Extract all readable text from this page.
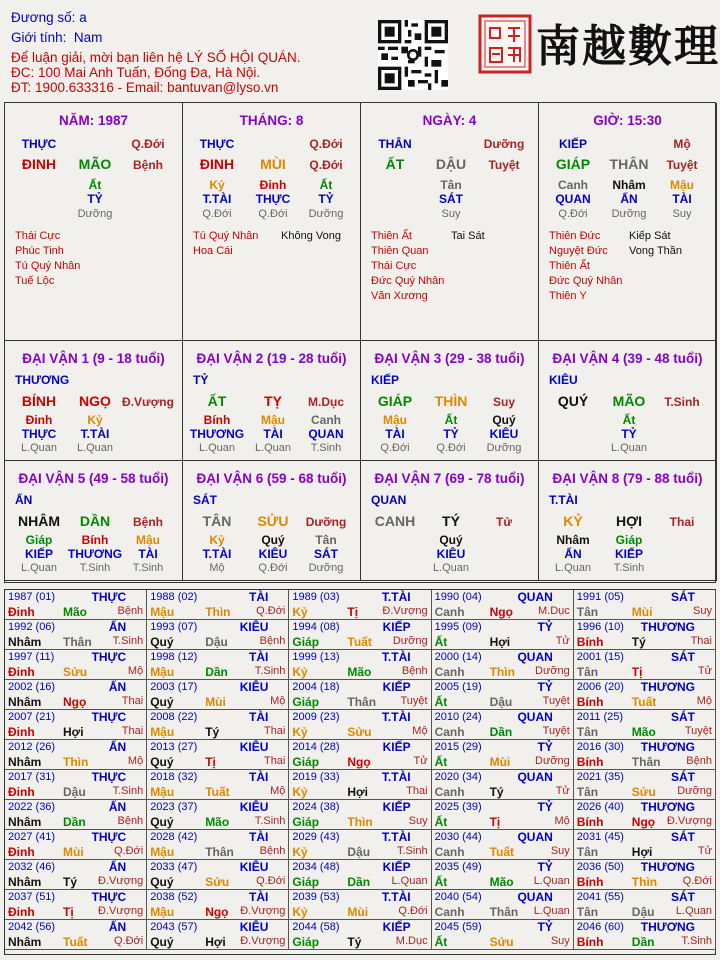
Đương số: a
Giới tính: Nam
Để luận giải, mời bạn liên hệ LÝ SỐ HỘI QUÁN.
ĐC: 100 Mai Anh Tuấn, Đống Đa, Hà Nội.
ĐT: 1900.633316 - Email: bantuvan@lyso.vn
南越數理
NĂM: 1987
THỰC	Q.Đới
ĐINH MÃO Bệnh
Ất
TỶ
Dưỡng
Thái Cực
Phúc Tinh
Tú Quý Nhân
Tuế Lộc
THÁNG: 8
THỰC	Q.Đới
ĐINH MÙI Q.Đới
Kỷ
T.TÀI
Q.Đới
Đinh
THỰC
Q.Đới
Ất
TỶ
Dưỡng
Tú Quý Nhân
Hoa Cái
Không Vong
NGÀY: 4
THÂN	Dưỡng
ẤT DẬU Tuyệt
Tân
SÁT
Suy
Thiên Ất
Thiên Quan
Thái Cực
Đức Quý Nhân
Văn Xương
Tai Sát
GIỜ: 15:30
KIẾP	Mộ
GIÁP THÂN Tuyệt
Canh
QUAN
Q.Đới
Nhâm
ẤN
Dưỡng
Mậu
TÀI
Suy
Thiên Đức
Nguyệt Đức
Thiên Ất
Đức Quý Nhân
Thiên Y
Kiếp Sát
Vong Thần
ĐẠI VẬN 1 (9 - 18 tuổi)
THƯƠNG
BÍNH NGỌ Đ.Vượng
Đinh
THỰC
L.Quan
Kỷ
T.TÀI
L.Quan
ĐẠI VẬN 2 (19 - 28 tuổi)
TỶ
ẤT	TỴ M.Dục
Bính
THƯƠNG
L.Quan
Mậu
TÀI
L.Quan
Canh
QUAN
T.Sinh
ĐẠI VẬN 3 (29 - 38 tuổi)
KIẾP
GIÁP THÌN Suy
Mậu
TÀI
Q.Đới
Ất
TỶ
Q.Đới
Quý
KIÊU
Dưỡng
ĐẠI VẬN 4 (39 - 48 tuổi)
KIÊU
QUÝ MÃO T.Sinh
Ất
TỶ
L.Quan
ĐẠI VẬN 5 (49 - 58 tuổi)
ẤN
NHÂM DẦN Bệnh
Giáp
KIẾP
L.Quan
Bính
THƯƠNG
T.Sinh
Mậu
TÀI
T.Sinh
ĐẠI VẬN 6 (59 - 68 tuổi)
SÁT
TÂN SỬU Dưỡng
Kỷ
T.TÀI
Mộ
Quý
KIÊU
Q.Đới
Tân
SÁT
Dưỡng
ĐẠI VẬN 7 (69 - 78 tuổi)
QUAN
CANH TÝ	Tử
Quý
KIÊU
L.Quan
ĐẠI VẬN 8 (79 - 88 tuổi)
T.TÀI
KỶ HỢI Thai
Nhâm
ẤN
L.Quan
Giáp
KIẾP
T.Sinh
1987 (01)	THỰC
Đinh Mão	Bệnh
1988 (02)	TÀI
Mậu	Thìn Q.Đới
1989 (03)	T.TÀI
Kỷ	Tị Đ.Vượng
1990 (04)	QUAN
Canh Ngọ M.Dục
1991 (05)	SÁT
Tân	Mùi	Suy
1992 (06)	ẤN
Nhâm Thân T.Sinh
1993 (07)	KIÊU
Quý	Dậu	Bệnh
1994 (08)	KIẾP
Giáp Tuất Dưỡng
1995 (09)	TỶ
Ất	Hợi	Tử
1996 (10) THƯƠNG
Bính Tý	Thai
1997 (11)	THỰC
Đinh Sửu	Mộ
1998 (12)	TÀI
Mậu	Dần T.Sinh
1999 (13)	T.TÀI
Kỷ	Mão	Bệnh
2000 (14)	QUAN
Canh Thìn Dưỡng
2001 (15)	SÁT
Tân	Tị	Tử
2002 (16)	ẤN
Nhâm Ngọ	Thai
2003 (17)	KIÊU
Quý	Mùi	Mộ
2004 (18)	KIẾP
Giáp Thân Tuyệt
2005 (19)	TỶ
Ất	Dậu	Tuyệt
2006 (20) THƯƠNG
Bính Tuất	Mộ
2007 (21)	THỰC
Đinh Hợi	Thai
2008 (22)	TÀI
Mậu	Tý	Thai
2009 (23)	T.TÀI
Kỷ	Sửu	Mộ
2010 (24)	QUAN
Canh Dần	Tuyệt
2011 (25)	SÁT
Tân	Mão	Tuyệt
2012 (26)	ẤN
Nhâm Thìn	Mộ
2013 (27)	KIÊU
Quý	Tị	Thai
2014 (28)	KIẾP
Giáp Ngọ	Tử
2015 (29)	TỶ
Ất	Mùi Dưỡng
2016 (30) THƯƠNG
Bính Thân Bệnh
2017 (31)	THỰC
Đinh Dậu T.Sinh
2018 (32)	TÀI
Mậu	Tuất	Mộ
2019 (33)	T.TÀI
Kỷ	Hợi	Thai
2020 (34)	QUAN
Canh Tý	Tử
2021 (35)	SÁT
Tân	Sửu Dưỡng
2022 (36)	ẤN
Nhâm Dần	Bệnh
2023 (37)	KIÊU
Quý	Mão T.Sinh
2024 (38)	KIẾP
Giáp Thìn	Suy
2025 (39)	TỶ
Ất	Tị	Mộ
2026 (40) THƯƠNG
Bính Ngọ Đ.Vượng
2027 (41)	THỰC
Đinh Mùi	Q.Đới
2028 (42)	TÀI
Mậu	Thân Bệnh
2029 (43)	T.TÀI
Kỷ	Dậu T.Sinh
2030 (44)	QUAN
Canh Tuất	Suy
2031 (45)	SÁT
Tân	Hợi	Tử
2032 (46)	ẤN
Nhâm Tý Đ.Vượng
2033 (47)	KIÊU
Quý	Sửu Q.Đới
2034 (48)	KIẾP
Giáp Dần L.Quan
2035 (49)	TỶ
Ất	Mão L.Quan
2036 (50) THƯƠNG
Bính Thìn Q.Đới
2037 (51)	THỰC
Đinh Tị Đ.Vượng
2038 (52)	TÀI
Mậu	Ngọ Đ.Vượng
2039 (53)	T.TÀI
Kỷ	Mùi	Q.Đới
2040 (54)	QUAN
Canh Thân L.Quan
2041 (55)	SÁT
Tân	Dậu L.Quan
2042 (56)	ẤN
Nhâm Tuất Q.Đới
2043 (57)	KIÊU
Quý	Hợi Đ.Vượng
2044 (58)	KIẾP
Giáp Tý	M.Dục
2045 (59)	TỶ
Ất	Sửu	Suy
2046 (60) THƯƠNG
Bính Dần T.Sinh
